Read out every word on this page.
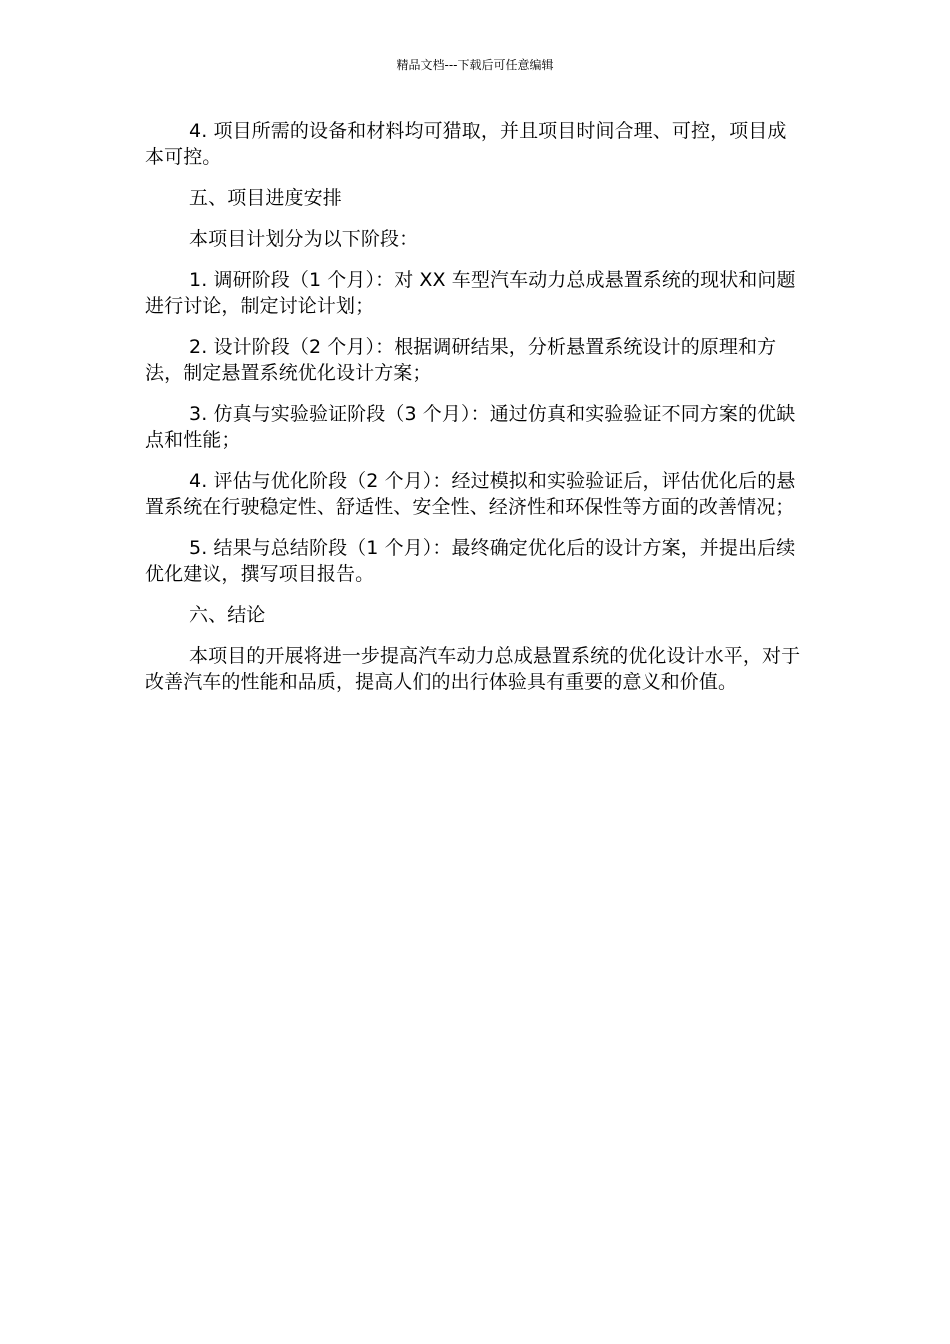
精品文档---下载后可任意编辑

4. 项目所需的设备和材料均可猎取，并且项目时间合理、可控，项目成本可控。

五、项目进度安排

本项目计划分为以下阶段：

1. 调研阶段（1 个月）：对 XX 车型汽车动力总成悬置系统的现状和问题进行讨论，制定讨论计划；

2. 设计阶段（2 个月）：根据调研结果，分析悬置系统设计的原理和方法，制定悬置系统优化设计方案；

3. 仿真与实验验证阶段（3 个月）：通过仿真和实验验证不同方案的优缺点和性能；

4. 评估与优化阶段（2 个月）：经过模拟和实验验证后，评估优化后的悬置系统在行驶稳定性、舒适性、安全性、经济性和环保性等方面的改善情况；

5. 结果与总结阶段（1 个月）：最终确定优化后的设计方案，并提出后续优化建议，撰写项目报告。

六、结论

本项目的开展将进一步提高汽车动力总成悬置系统的优化设计水平，对于改善汽车的性能和品质，提高人们的出行体验具有重要的意义和价值。
